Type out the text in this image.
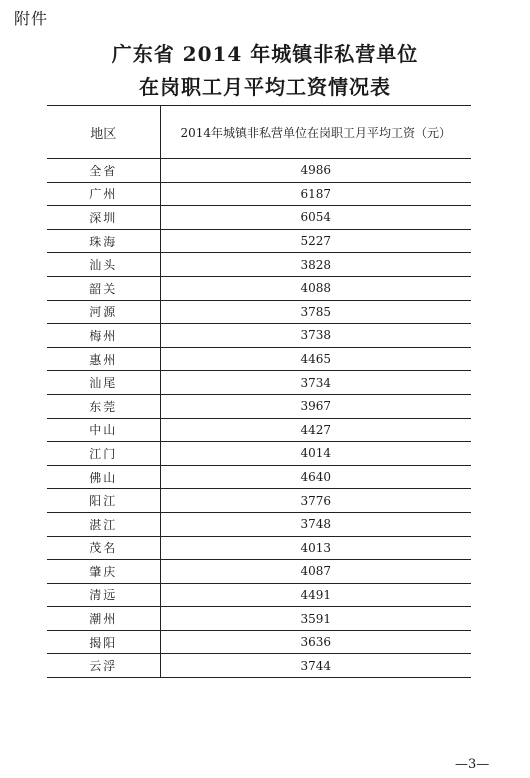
附件
广东省 2014 年城镇非私营单位
在岗职工月平均工资情况表
地区	2014年城镇非私营单位在岗职工月平均工资（元）
全省	4986
广州	6187
深圳	6054
珠海	5227
汕头	3828
韶关	4088
河源	3785
梅州	3738
惠州	4465
汕尾	3734
东莞	3967
中山	4427
江门	4014
佛山	4640
阳江	3776
湛江	3748
茂名	4013
肇庆	4087
清远	4491
潮州	3591
揭阳	3636
云浮	3744
—3—
